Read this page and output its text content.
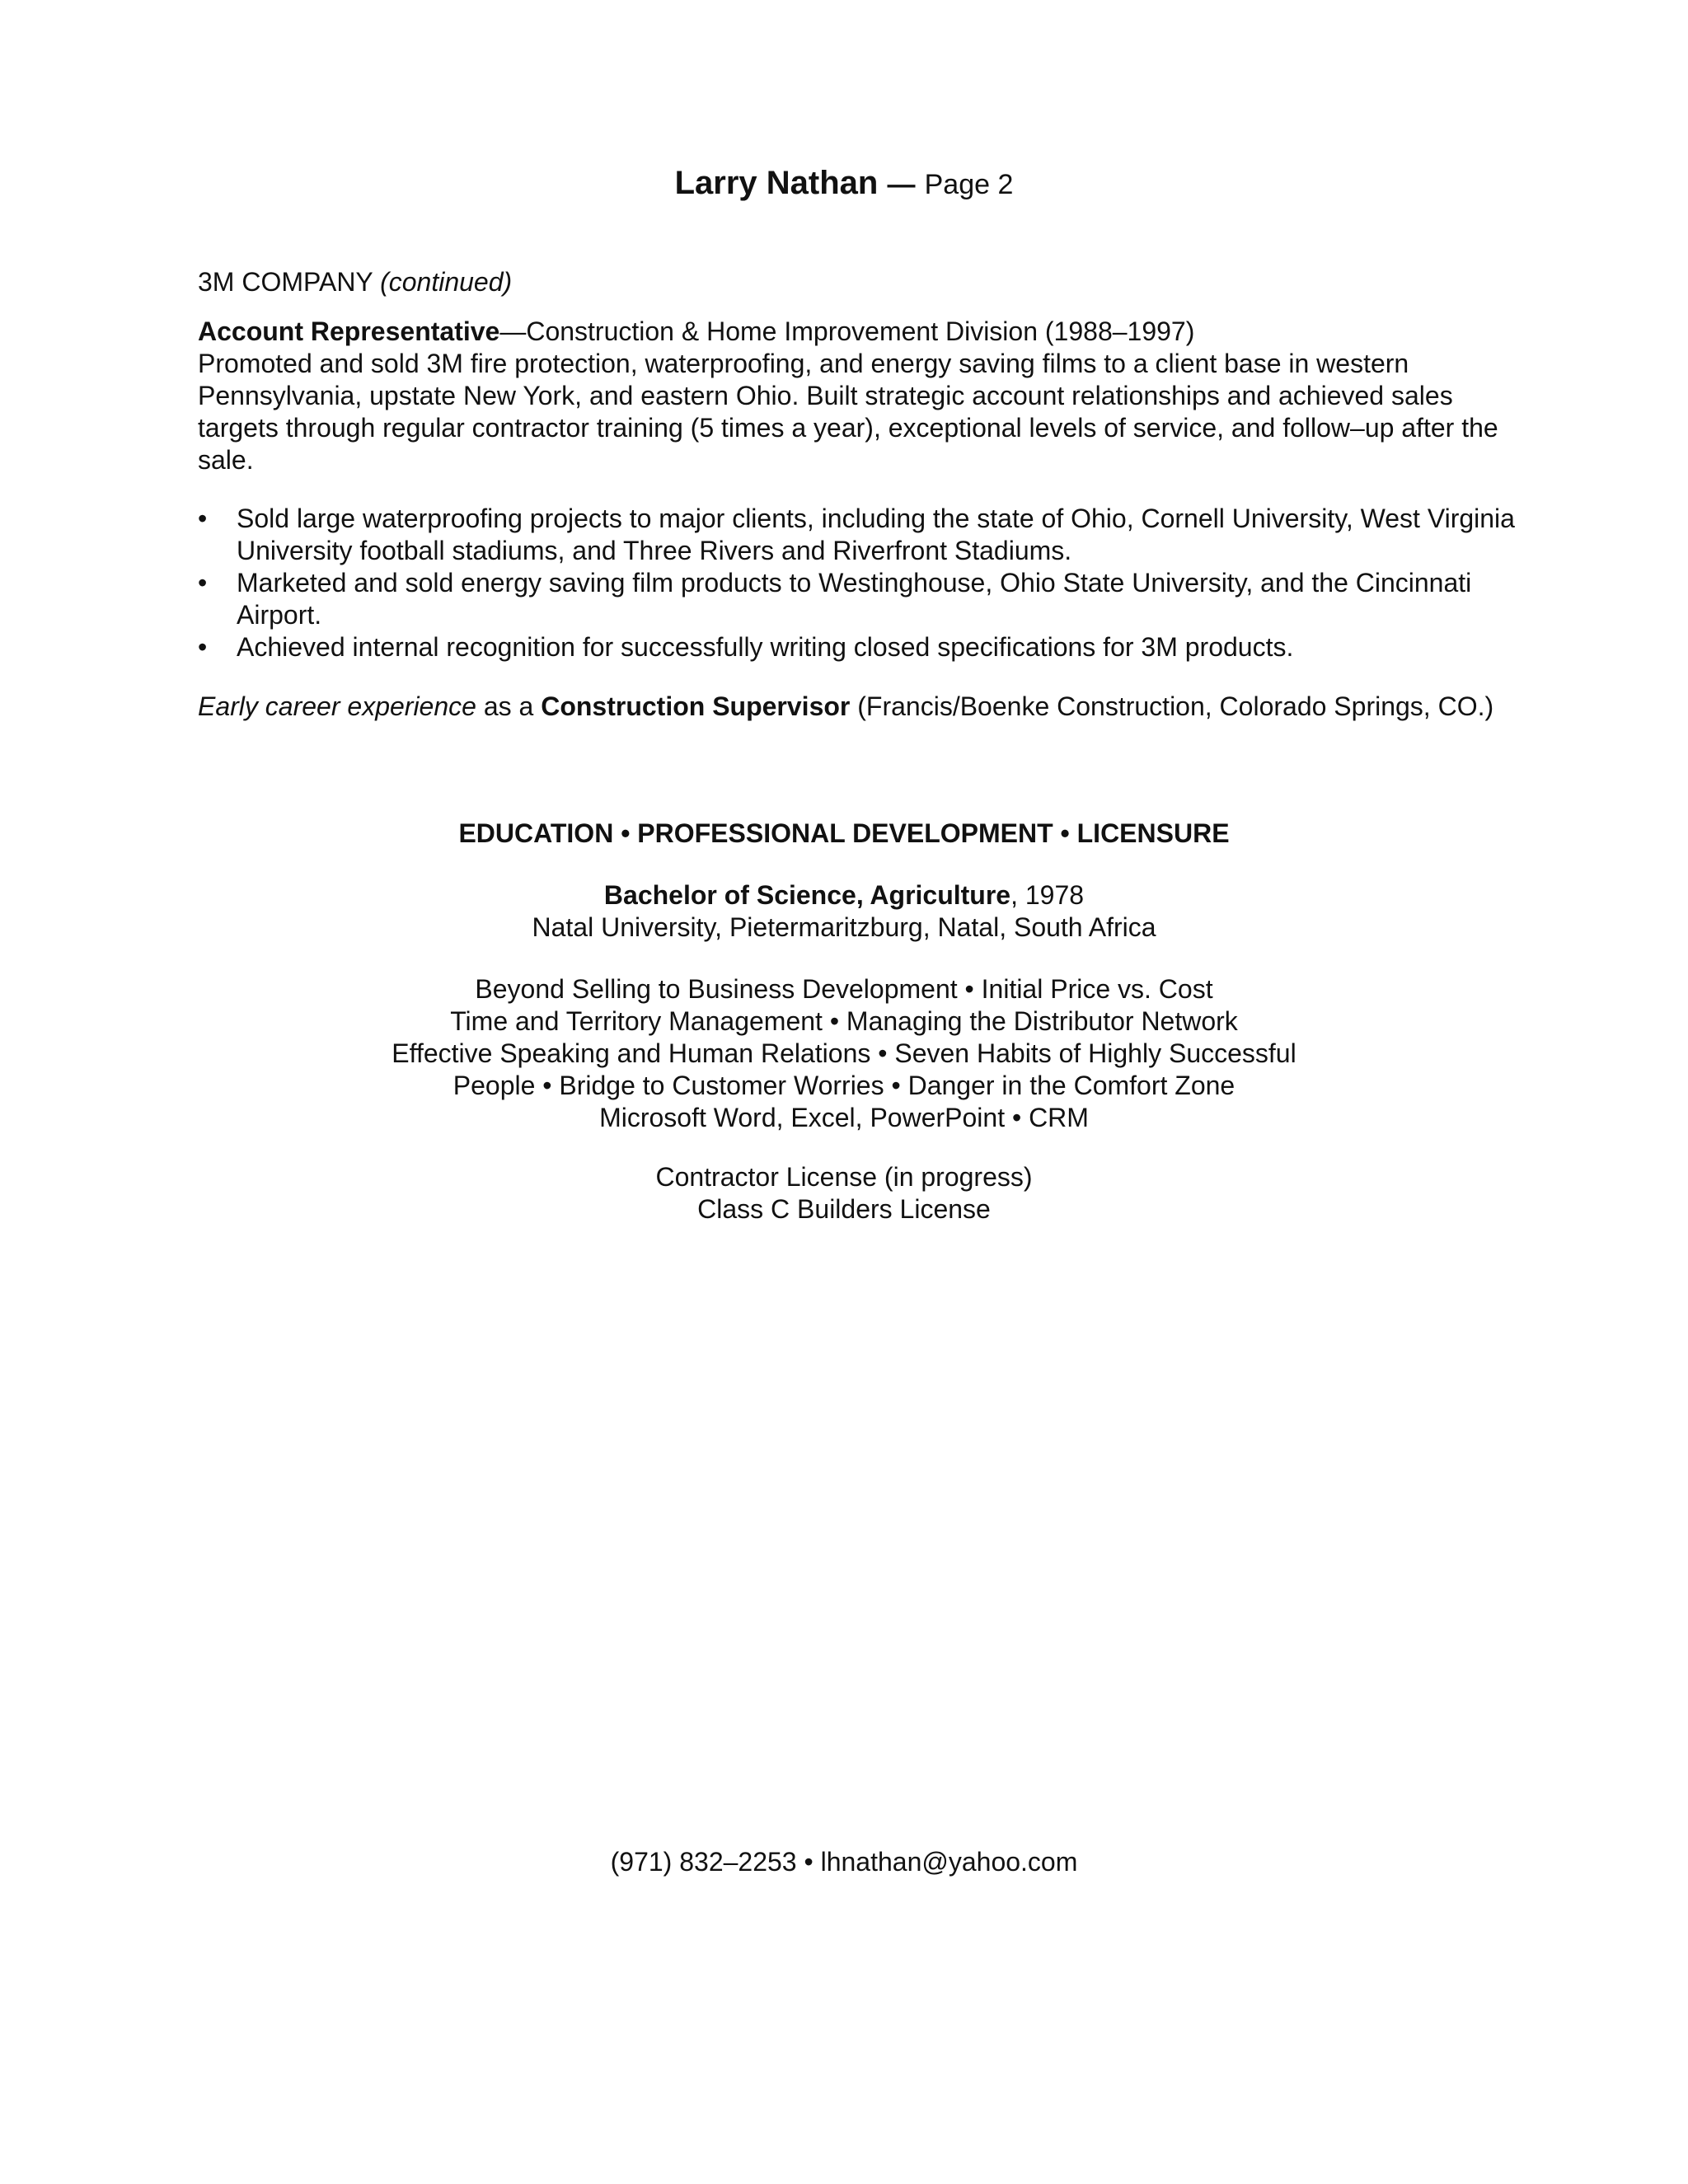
Larry Nathan — Page 2
3M COMPANY (continued)
Account Representative—Construction & Home Improvement Division (1988–1997)
Promoted and sold 3M fire protection, waterproofing, and energy saving films to a client base in western Pennsylvania, upstate New York, and eastern Ohio. Built strategic account relationships and achieved sales targets through regular contractor training (5 times a year), exceptional levels of service, and follow–up after the sale.
• Sold large waterproofing projects to major clients, including the state of Ohio, Cornell University, West Virginia University football stadiums, and Three Rivers and Riverfront Stadiums.
• Marketed and sold energy saving film products to Westinghouse, Ohio State University, and the Cincinnati Airport.
• Achieved internal recognition for successfully writing closed specifications for 3M products.
Early career experience as a Construction Supervisor (Francis/Boenke Construction, Colorado Springs, CO.)
EDUCATION • PROFESSIONAL DEVELOPMENT • LICENSURE
Bachelor of Science, Agriculture, 1978
Natal University, Pietermaritzburg, Natal, South Africa
Beyond Selling to Business Development • Initial Price vs. Cost
Time and Territory Management • Managing the Distributor Network
Effective Speaking and Human Relations • Seven Habits of Highly Successful
People • Bridge to Customer Worries • Danger in the Comfort Zone
Microsoft Word, Excel, PowerPoint • CRM
Contractor License (in progress)
Class C Builders License
(971) 832–2253 • lhnathan@yahoo.com
